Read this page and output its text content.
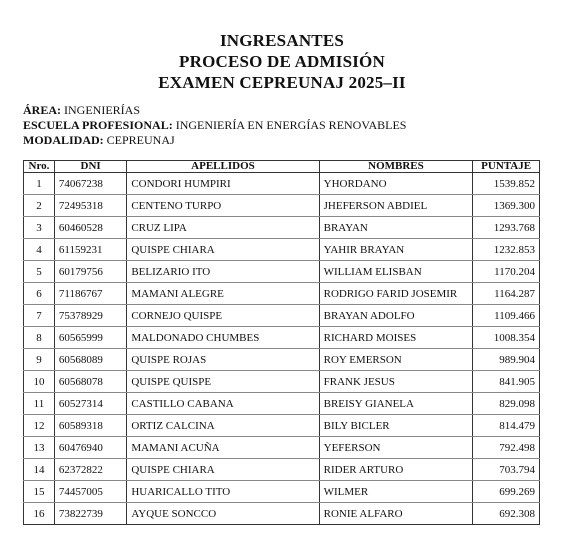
INGRESANTES
PROCESO DE ADMISIÓN
EXAMEN CEPREUNAJ 2025–II
ÁREA: INGENIERÍAS
ESCUELA PROFESIONAL: INGENIERÍA EN ENERGÍAS RENOVABLES
MODALIDAD: CEPREUNAJ
Nro.	DNI	APELLIDOS	NOMBRES	PUNTAJE
1	74067238	CONDORI HUMPIRI	YHORDANO	1539.852
2	72495318	CENTENO TURPO	JHEFERSON ABDIEL	1369.300
3	60460528	CRUZ LIPA	BRAYAN	1293.768
4	61159231	QUISPE CHIARA	YAHIR BRAYAN	1232.853
5	60179756	BELIZARIO ITO	WILLIAM ELISBAN	1170.204
6	71186767	MAMANI ALEGRE	RODRIGO FARID JOSEMIR	1164.287
7	75378929	CORNEJO QUISPE	BRAYAN ADOLFO	1109.466
8	60565999	MALDONADO CHUMBES	RICHARD MOISES	1008.354
9	60568089	QUISPE ROJAS	ROY EMERSON	989.904
10	60568078	QUISPE QUISPE	FRANK JESUS	841.905
11	60527314	CASTILLO CABANA	BREISY GIANELA	829.098
12	60589318	ORTIZ CALCINA	BILY BICLER	814.479
13	60476940	MAMANI ACUÑA	YEFERSON	792.498
14	62372822	QUISPE CHIARA	RIDER ARTURO	703.794
15	74457005	HUARICALLO TITO	WILMER	699.269
16	73822739	AYQUE SONCCO	RONIE ALFARO	692.308
